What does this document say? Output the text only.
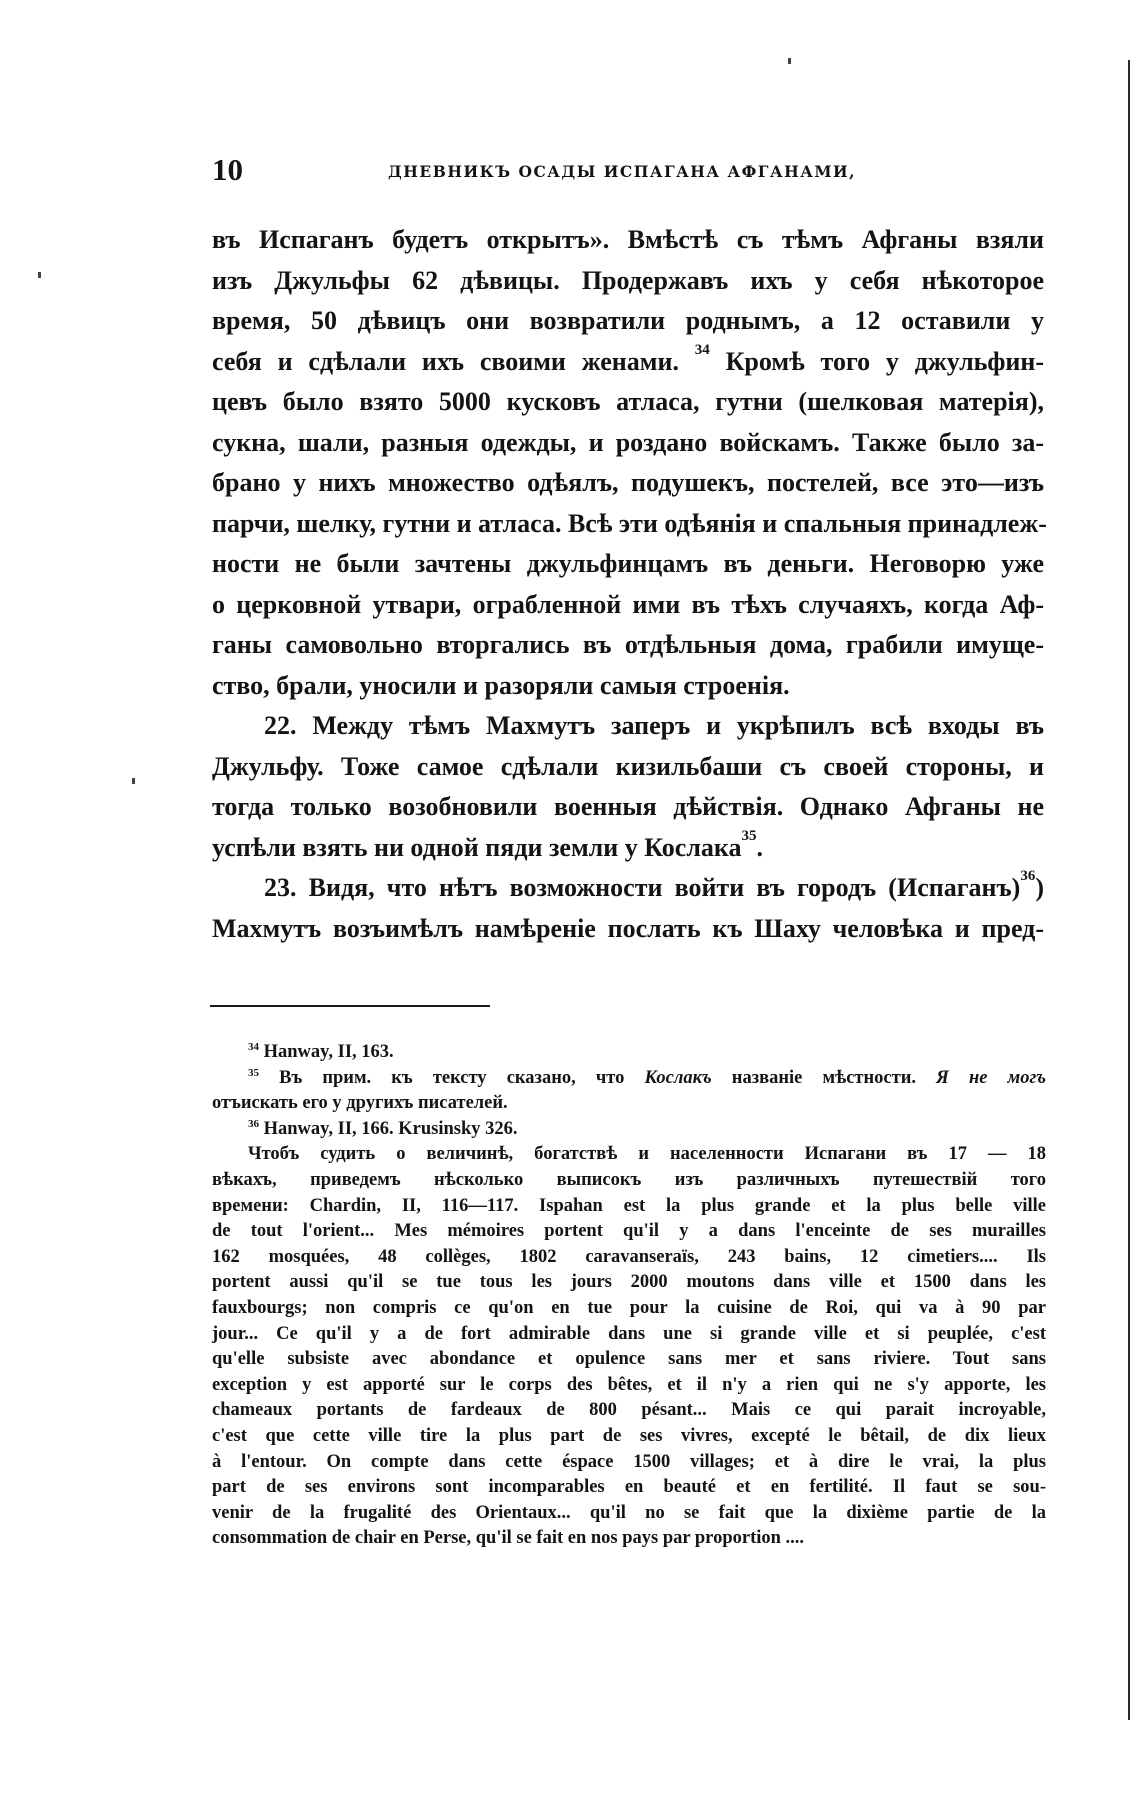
10	ДНЕВНИКЪ ОСАДЫ ИСПАГАНА АФГАНАМИ,
въ Испаганъ будетъ открытъ». Вмѣстѣ съ тѣмъ Афганы взяли
изъ Джульфы 62 дѣвицы. Продержавъ ихъ у себя нѣкоторое
время, 50 дѣвицъ они возвратили роднымъ, а 12 оставили у
себя и сдѣлали ихъ своими женами. $^{34}$ Кромѣ того у джульфин-
цевъ было взято 5000 кусковъ атласа, гутни (шелковая матерія),
сукна, шали, разныя одежды, и роздано войскамъ. Также было за-
брано у нихъ множество одѣялъ, подушекъ, постелей, все это—изъ
парчи, шелку, гутни и атласа. Всѣ эти одѣянія и спальныя принадлеж-
ности не были зачтены джульфинцамъ въ деньги. Неговорю уже
о церковной утвари, ограбленной ими въ тѣхъ случаяхъ, когда Аф-
ганы самовольно вторгались въ отдѣльныя дома, грабили имуще-
ство, брали, уносили и разоряли самыя строенія.
22. Между тѣмъ Махмутъ заперъ и укрѣпилъ всѣ входы въ
Джульфу. Тоже самое сдѣлали кизильбаши съ своей стороны, и
тогда только возобновили военныя дѣйствія. Однако Афганы не
успѣли взять ни одной пяди земли у Кослака$^{35}$.
23. Видя, что нѣтъ возможности войти въ городъ (Испаганъ)$^{36}$)
Махмутъ возъимѣлъ намѣреніе послать къ Шаху человѣка и пред-
$^{34}$ Hanway, II, 163.
$^{35}$ Въ прим. къ тексту сказано, что Кослакъ названіе мѣстности. Я не могъ
отъискать его у другихъ писателей.
$^{36}$ Hanway, II, 166. Krusinsky 326.
Чтобъ судить о величинѣ, богатствѣ и населенности Испагани въ 17 — 18
вѣкахъ, приведемъ нѣсколько выписокъ изъ различныхъ путешествій того
времени: Chardin, II, 116—117. Ispahan est la plus grande et la plus belle ville
de tout l'orient... Mes mémoires portent qu'il y a dans l'enceinte de ses murailles
162 mosquées, 48 collèges, 1802 caravanseraïs, 243 bains, 12 cimetiers.... Ils
portent aussi qu'il se tue tous les jours 2000 moutons dans ville et 1500 dans les
fauxbourgs; non compris ce qu'on en tue pour la cuisine de Roi, qui va à 90 par
jour... Ce qu'il y a de fort admirable dans une si grande ville et si peuplée, c'est
qu'elle subsiste avec abondance et opulence sans mer et sans riviere. Tout sans
exception y est apporté sur le corps des bêtes, et il n'y a rien qui ne s'y apporte, les
chameaux portants de fardeaux de 800 pésant... Mais ce qui parait incroyable,
c'est que cette ville tire la plus part de ses vivres, excepté le bêtail, de dix lieux
à l'entour. On compte dans cette éspace 1500 villages; et à dire le vrai, la plus
part de ses environs sont incomparables en beauté et en fertilité. Il faut se sou-
venir de la frugalité des Orientaux... qu'il no se fait que la dixième partie de la
consommation de chair en Perse, qu'il se fait en nos pays par proportion ....
